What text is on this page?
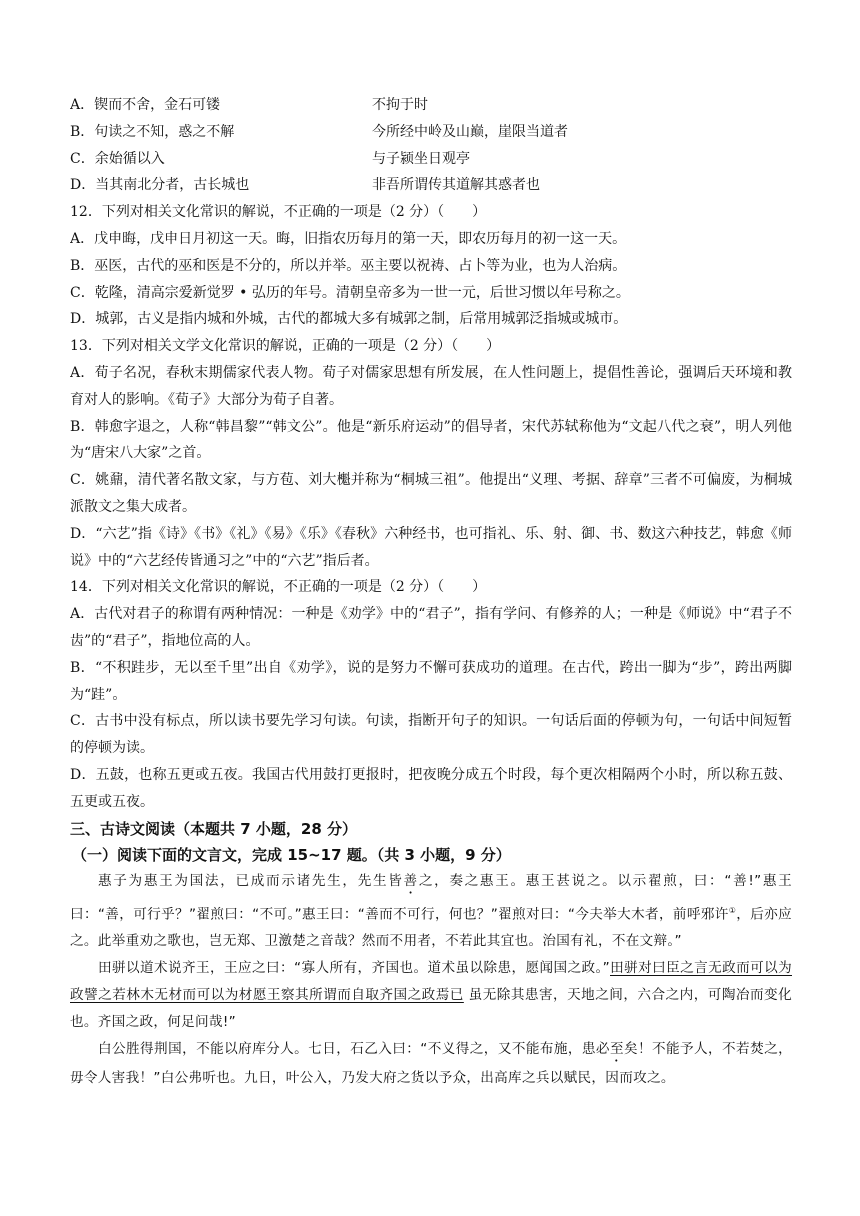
A．锲而不舍，金石可镂	不拘于时
B．句读之不知，惑之不解	今所经中岭及山巅，崖限当道者
C．余始循以入	与子颍坐日观亭
D．当其南北分者，古长城也	非吾所谓传其道解其惑者也
12．下列对相关文化常识的解说，不正确的一项是（2 分）（　　）
A．戊申晦，戊申日月初这一天。晦，旧指农历每月的第一天，即农历每月的初一这一天。
B．巫医，古代的巫和医是不分的，所以并举。巫主要以祝祷、占卜等为业，也为人治病。
C．乾隆，清高宗爱新觉罗 • 弘历的年号。清朝皇帝多为一世一元，后世习惯以年号称之。
D．城郭，古义是指内城和外城，古代的都城大多有城郭之制，后常用城郭泛指城或城市。
13．下列对相关文学文化常识的解说，正确的一项是（2 分）（　　）
A．荀子名况，春秋末期儒家代表人物。荀子对儒家思想有所发展，在人性问题上，提倡性善论，强调后天环境和教育对人的影响。《荀子》大部分为荀子自著。
B．韩愈字退之，人称“韩昌黎”“韩文公”。他是“新乐府运动”的倡导者，宋代苏轼称他为“文起八代之衰”，明人列他为“唐宋八大家”之首。
C．姚鼐，清代著名散文家，与方苞、刘大櫆并称为“桐城三祖”。他提出“义理、考据、辞章”三者不可偏废，为桐城派散文之集大成者。
D．“六艺”指《诗》《书》《礼》《易》《乐》《春秋》六种经书，也可指礼、乐、射、御、书、数这六种技艺，韩愈《师说》中的“六艺经传皆通习之”中的“六艺”指后者。
14．下列对相关文化常识的解说，不正确的一项是（2 分）（　　）
A．古代对君子的称谓有两种情况：一种是《劝学》中的“君子”，指有学问、有修养的人；一种是《师说》中“君子不齿”的“君子”，指地位高的人。
B．“不积跬步，无以至千里”出自《劝学》，说的是努力不懈可获成功的道理。在古代，跨出一脚为“步”，跨出两脚为“跬”。
C．古书中没有标点，所以读书要先学习句读。句读，指断开句子的知识。一句话后面的停顿为句，一句话中间短暂的停顿为读。
D．五鼓，也称五更或五夜。我国古代用鼓打更报时，把夜晚分成五个时段，每个更次相隔两个小时，所以称五鼓、五更或五夜。
三、古诗文阅读（本题共 7 小题，28 分）
（一）阅读下面的文言文，完成 15~17 题。（共 3 小题，9 分）
惠子为惠王为国法，已成而示诸先生，先生皆善之，奏之惠王。惠王甚说之。以示翟煎，曰：“善!”惠王曰：“善，可行乎？”翟煎曰：“不可。”惠王曰：“善而不可行，何也？”翟煎对曰：“今夫举大木者，前呼邪许①，后亦应之。此举重劝之歌也，岂无郑、卫激楚之音哉？然而不用者，不若此其宜也。治国有礼，不在文辩。”
田骈以道术说齐王，王应之曰：“寡人所有，齐国也。道术虽以除患，愿闻国之政。”田骈对曰臣之言无政而可以为政譬之若林木无材而可以为材愿王察其所谓而自取齐国之政焉已 虽无除其患害，天地之间，六合之内，可陶冶而变化也。齐国之政，何足问哉!”
白公胜得荆国，不能以府库分人。七日，石乙入曰：“不义得之，又不能布施，患必至矣！不能予人，不若焚之，毋令人害我！”白公弗听也。九日，叶公入，乃发大府之货以予众，出高库之兵以赋民，因而攻之。
